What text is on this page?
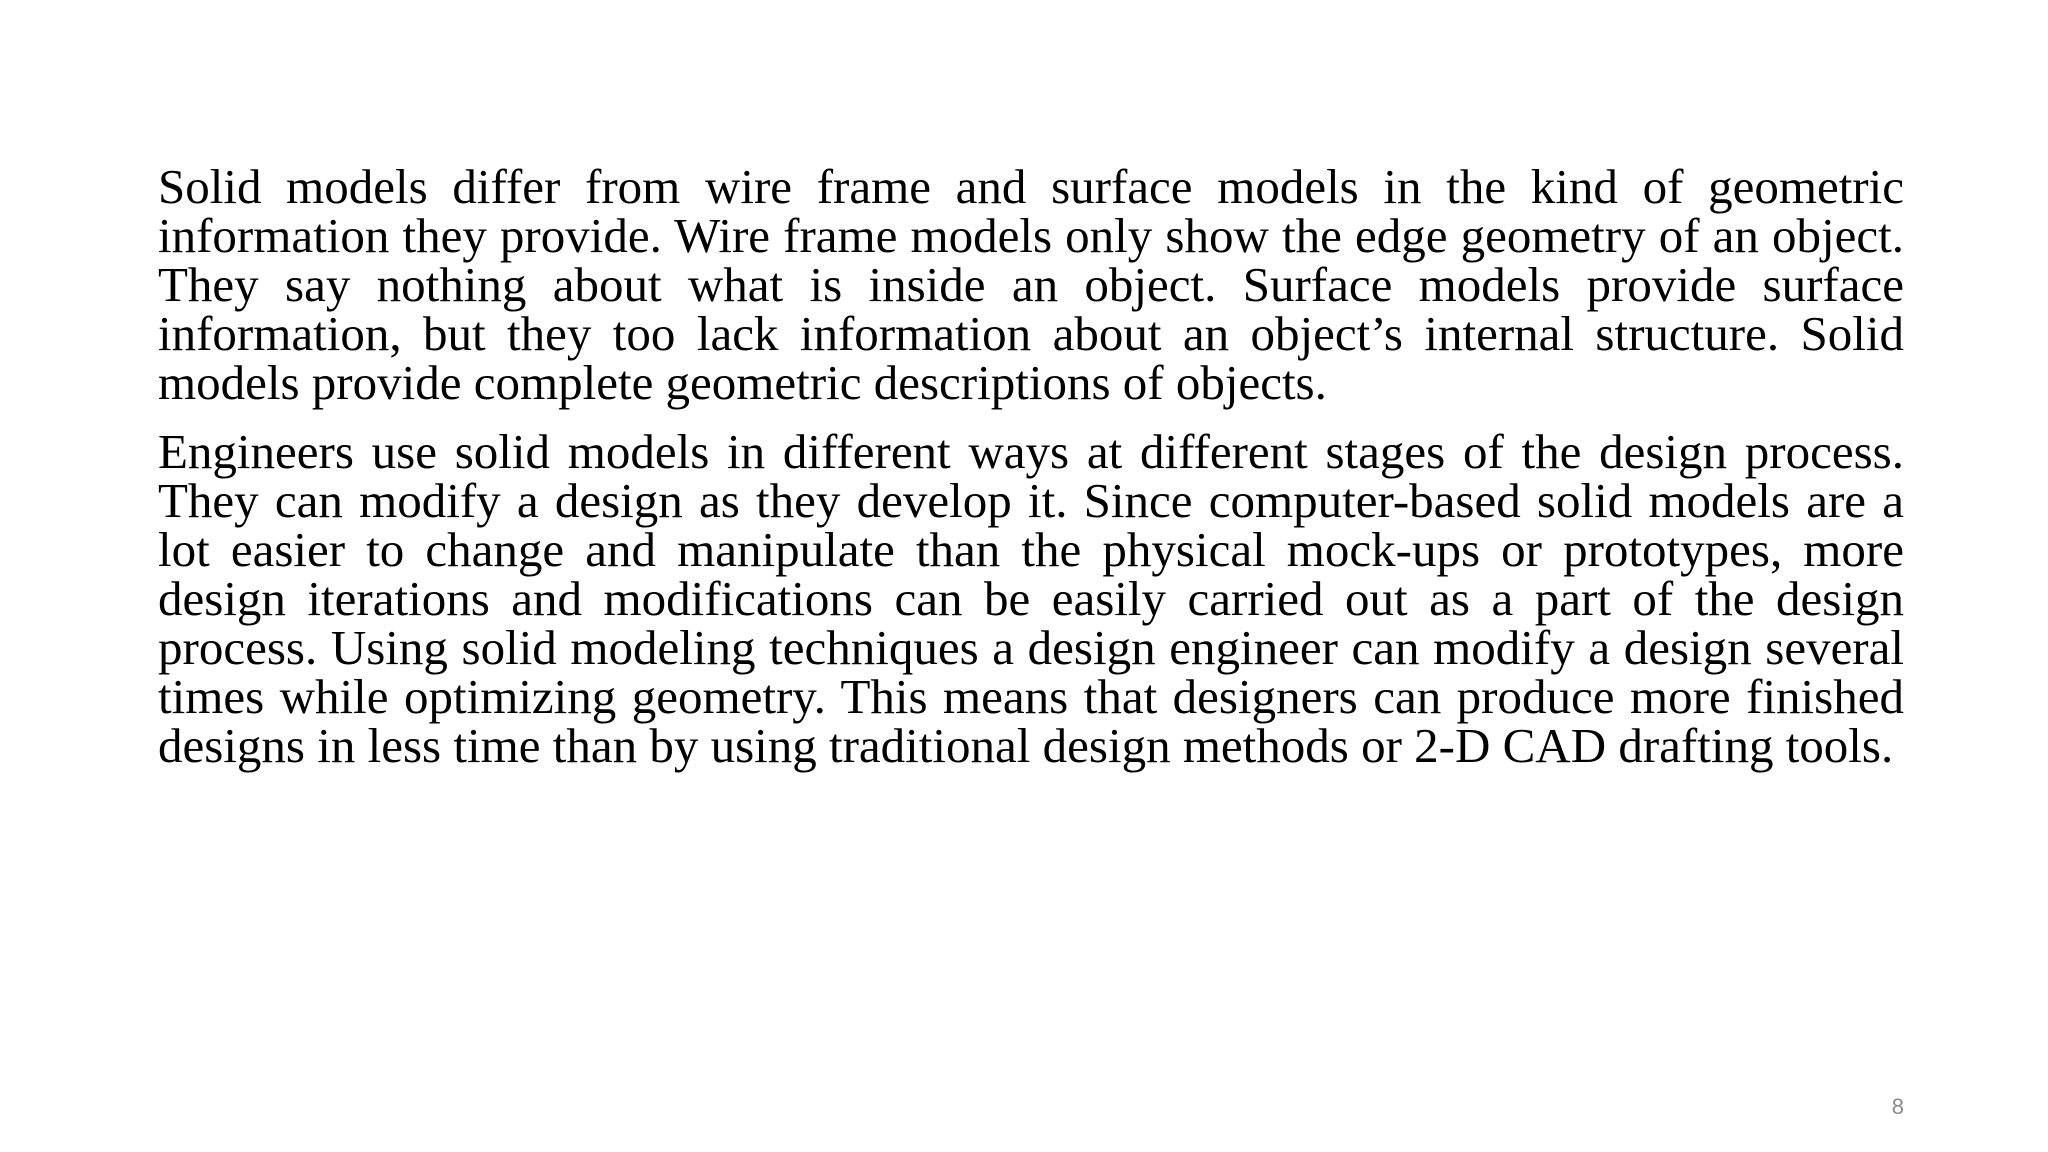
Solid models differ from wire frame and surface models in the kind of geometric information they provide. Wire frame models only show the edge geometry of an object. They say nothing about what is inside an object. Surface models provide surface information, but they too lack information about an object’s internal structure. Solid models provide complete geometric descriptions of objects.

Engineers use solid models in different ways at different stages of the design process. They can modify a design as they develop it. Since computer-based solid models are a lot easier to change and manipulate than the physical mock-ups or prototypes, more design iterations and modifications can be easily carried out as a part of the design process. Using solid modeling techniques a design engineer can modify a design several times while optimizing geometry. This means that designers can produce more finished designs in less time than by using traditional design methods or 2-D CAD drafting tools.

8
